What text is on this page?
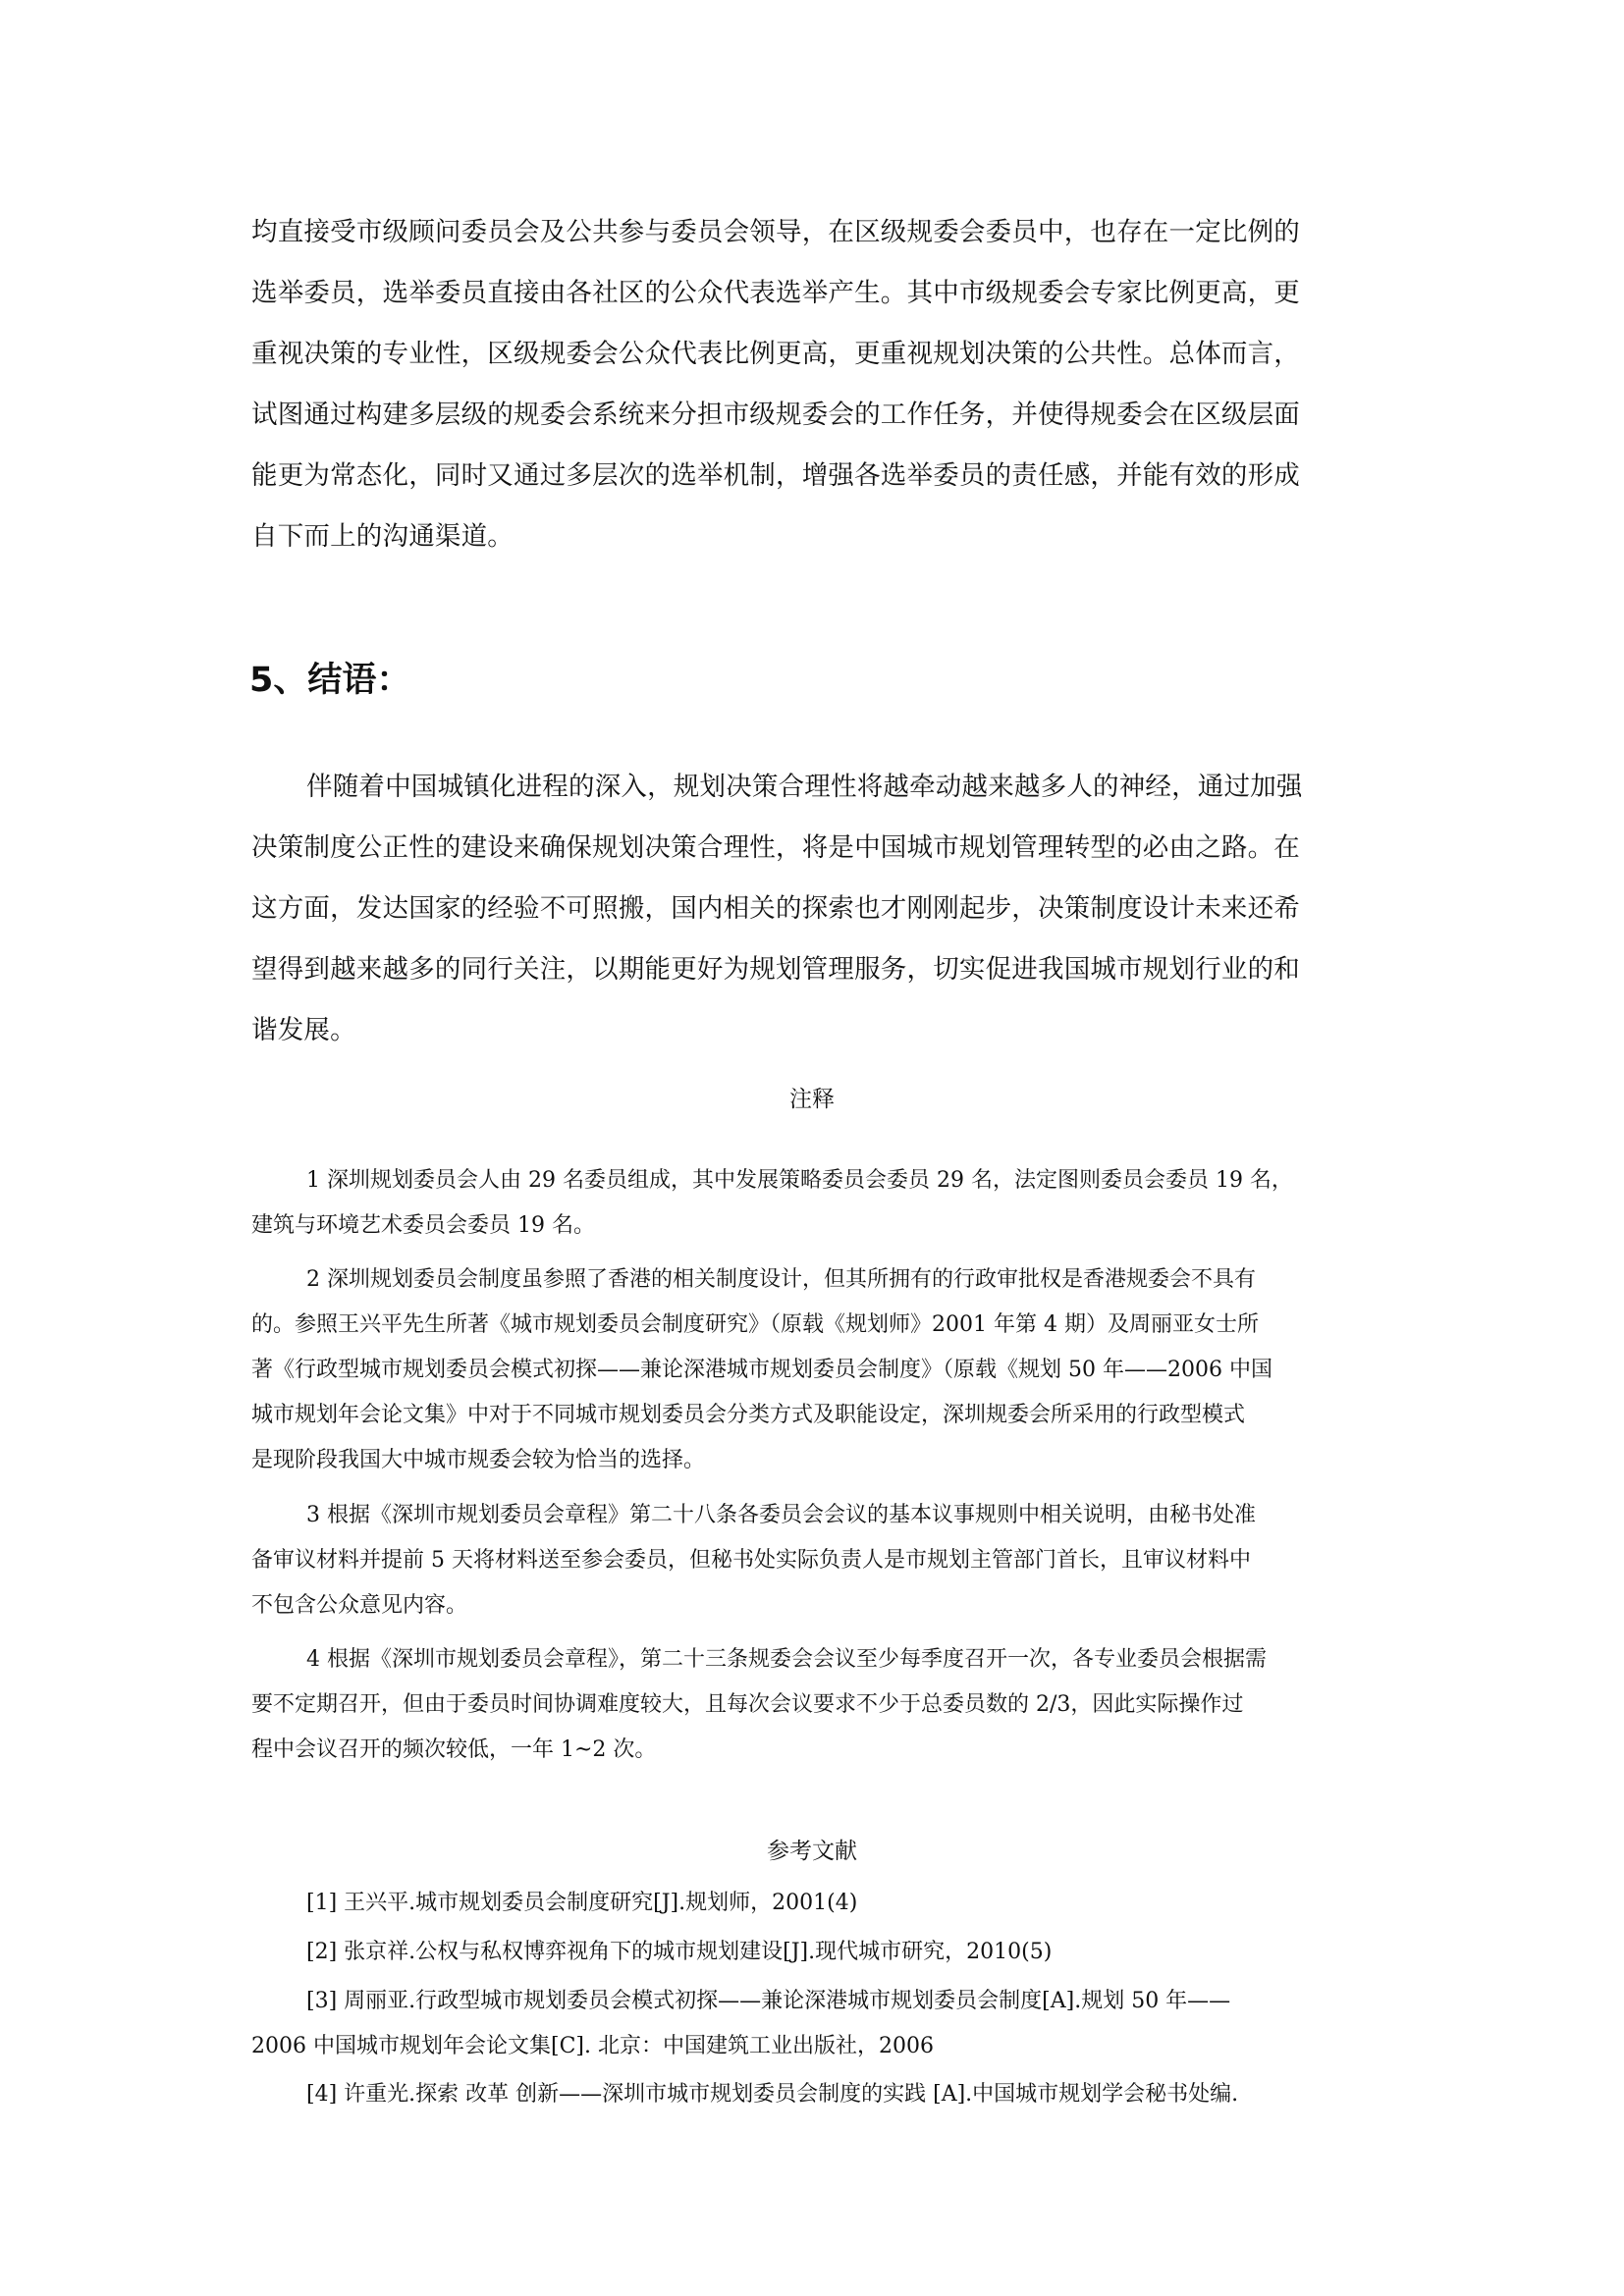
均直接受市级顾问委员会及公共参与委员会领导，在区级规委会委员中，也存在一定比例的
选举委员，选举委员直接由各社区的公众代表选举产生。其中市级规委会专家比例更高，更
重视决策的专业性，区级规委会公众代表比例更高，更重视规划决策的公共性。总体而言，
试图通过构建多层级的规委会系统来分担市级规委会的工作任务，并使得规委会在区级层面
能更为常态化，同时又通过多层次的选举机制，增强各选举委员的责任感，并能有效的形成
自下而上的沟通渠道。
5、结语：
伴随着中国城镇化进程的深入，规划决策合理性将越牵动越来越多人的神经，通过加强
决策制度公正性的建设来确保规划决策合理性，将是中国城市规划管理转型的必由之路。在
这方面，发达国家的经验不可照搬，国内相关的探索也才刚刚起步，决策制度设计未来还希
望得到越来越多的同行关注，以期能更好为规划管理服务，切实促进我国城市规划行业的和
谐发展。
注释
1 深圳规划委员会人由 29 名委员组成，其中发展策略委员会委员 29 名，法定图则委员会委员 19 名，
建筑与环境艺术委员会委员 19 名。
2 深圳规划委员会制度虽参照了香港的相关制度设计，但其所拥有的行政审批权是香港规委会不具有
的。参照王兴平先生所著《城市规划委员会制度研究》（原载《规划师》2001 年第 4 期）及周丽亚女士所
著《行政型城市规划委员会模式初探——兼论深港城市规划委员会制度》（原载《规划 50 年——2006 中国
城市规划年会论文集》中对于不同城市规划委员会分类方式及职能设定，深圳规委会所采用的行政型模式
是现阶段我国大中城市规委会较为恰当的选择。
3 根据《深圳市规划委员会章程》第二十八条各委员会会议的基本议事规则中相关说明，由秘书处准
备审议材料并提前 5 天将材料送至参会委员，但秘书处实际负责人是市规划主管部门首长，且审议材料中
不包含公众意见内容。
4 根据《深圳市规划委员会章程》，第二十三条规委会会议至少每季度召开一次，各专业委员会根据需
要不定期召开，但由于委员时间协调难度较大，且每次会议要求不少于总委员数的 2/3，因此实际操作过
程中会议召开的频次较低，一年 1~2 次。
参考文献
[1] 王兴平.城市规划委员会制度研究[J].规划师，2001(4)
[2] 张京祥.公权与私权博弈视角下的城市规划建设[J].现代城市研究，2010(5)
[3] 周丽亚.行政型城市规划委员会模式初探——兼论深港城市规划委员会制度[A].规划 50 年——
2006 中国城市规划年会论文集[C]. 北京：中国建筑工业出版社，2006
[4] 许重光.探索 改革 创新——深圳市城市规划委员会制度的实践 [A].中国城市规划学会秘书处编.
